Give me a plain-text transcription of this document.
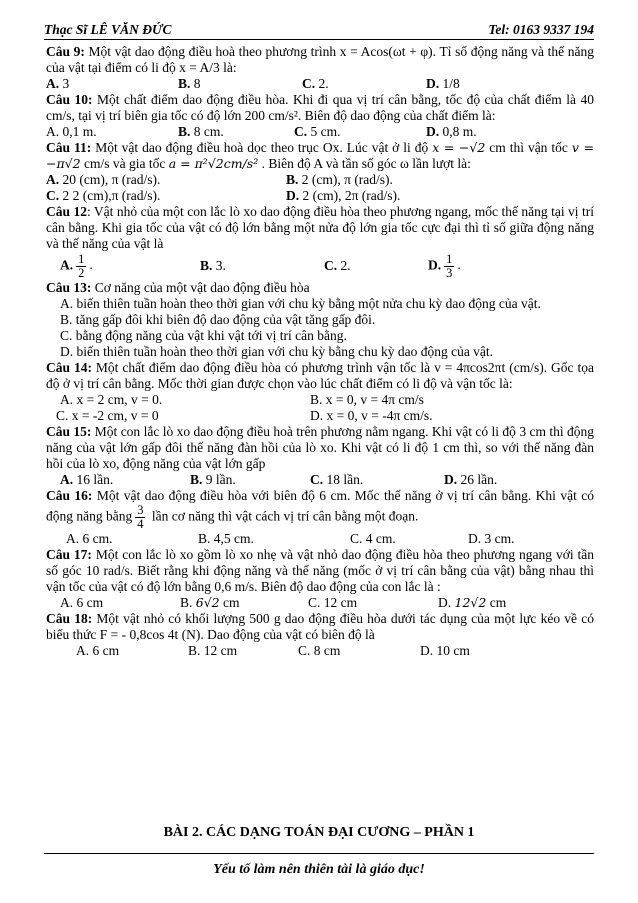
Thạc Sĩ LÊ VĂN ĐỨC	Tel: 0163 9337 194

Câu 9: Một vật dao động điều hoà theo phương trình x = Acos(ωt + φ). Tỉ số động năng và thế năng của vật tại điểm có li độ x = A/3 là:

A. 3	B. 8	C. 2.	D. 1/8

Câu 10: Một chất điểm dao động điều hòa. Khi đi qua vị trí cân bằng, tốc độ của chất điểm là 40 cm/s, tại vị trí biên gia tốc có độ lớn 200 cm/s². Biên độ dao động của chất điểm là:

A. 0,1 m.	B. 8 cm.	C. 5 cm.	D. 0,8 m.

Câu 11: Một vật dao động điều hoà dọc theo trục Ox. Lúc vật ở li độ x = −√2 cm thì vận tốc v = −π√2 cm/s và gia tốc a = π²√2cm/s² . Biên độ A và tần số góc ω lần lượt là:

A. 20 (cm), π (rad/s).	B. 2 (cm), π (rad/s).
C. 2 2 (cm),π (rad/s).	D. 2 (cm), 2π (rad/s).

Câu 12: Vật nhỏ của một con lắc lò xo dao động điều hòa theo phương ngang, mốc thế năng tại vị trí cân bằng. Khi gia tốc của vật có độ lớn bằng một nửa độ lớn gia tốc cực đại thì tỉ số giữa động năng và thế năng của vật là

A. $\frac{1}{2}$ .	B. 3.	C. 2.	D. $\frac{1}{3}$ .

Câu 13: Cơ năng của một vật dao động điều hòa

A. biến thiên tuần hoàn theo thời gian với chu kỳ bằng một nửa chu kỳ dao động của vật.

B. tăng gấp đôi khi biên độ dao động của vật tăng gấp đôi.

C. bằng động năng của vật khi vật tới vị trí cân bằng.

D. biến thiên tuần hoàn theo thời gian với chu kỳ bằng chu kỳ dao động của vật.

Câu 14: Một chất điểm dao động điều hòa có phương trình vận tốc là v = 4πcos2πt (cm/s). Gốc tọa độ ở vị trí cân bằng. Mốc thời gian được chọn vào lúc chất điểm có li độ và vận tốc là:

A. x = 2 cm, v = 0.	B. x = 0, v = 4π cm/s
C. x = -2 cm, v = 0	D. x = 0, v = -4π cm/s.

Câu 15: Một con lắc lò xo dao động điều hoà trên phương nằm ngang. Khi vật có li độ 3 cm thì động năng của vật lớn gấp đôi thế năng đàn hồi của lò xo. Khi vật có li độ 1 cm thì, so với thế năng đàn hồi của lò xo, động năng của vật lớn gấp

A. 16 lần.	B. 9 lần.	C. 18 lần.	D. 26 lần.

Câu 16: Một vật dao động điều hòa với biên độ 6 cm. Mốc thế năng ở vị trí cân bằng. Khi vật có động năng bằng $\frac{3}{4}$ lần cơ năng thì vật cách vị trí cân bằng một đoạn.

A. 6 cm.	B. 4,5 cm.	C. 4 cm.	D. 3 cm.

Câu 17: Một con lắc lò xo gồm lò xo nhẹ và vật nhỏ dao động điều hòa theo phương ngang với tần số góc 10 rad/s. Biết rằng khi động năng và thế năng (mốc ở vị trí cân bằng của vật) bằng nhau thì vận tốc của vật có độ lớn bằng 0,6 m/s. Biên độ dao động của con lắc là :

A. 6 cm	B. 6√2 cm	C. 12 cm	D. 12√2 cm

Câu 18: Một vật nhỏ có khối lượng 500 g dao động điều hòa dưới tác dụng của một lực kéo về có biểu thức F = - 0,8cos 4t (N). Dao động của vật có biên độ là

A. 6 cm	B. 12 cm	C. 8 cm	D. 10 cm
BÀI 2. CÁC DẠNG TOÁN ĐẠI CƯƠNG – PHẦN 1
Yếu tố làm nên thiên tài là giáo dục!
